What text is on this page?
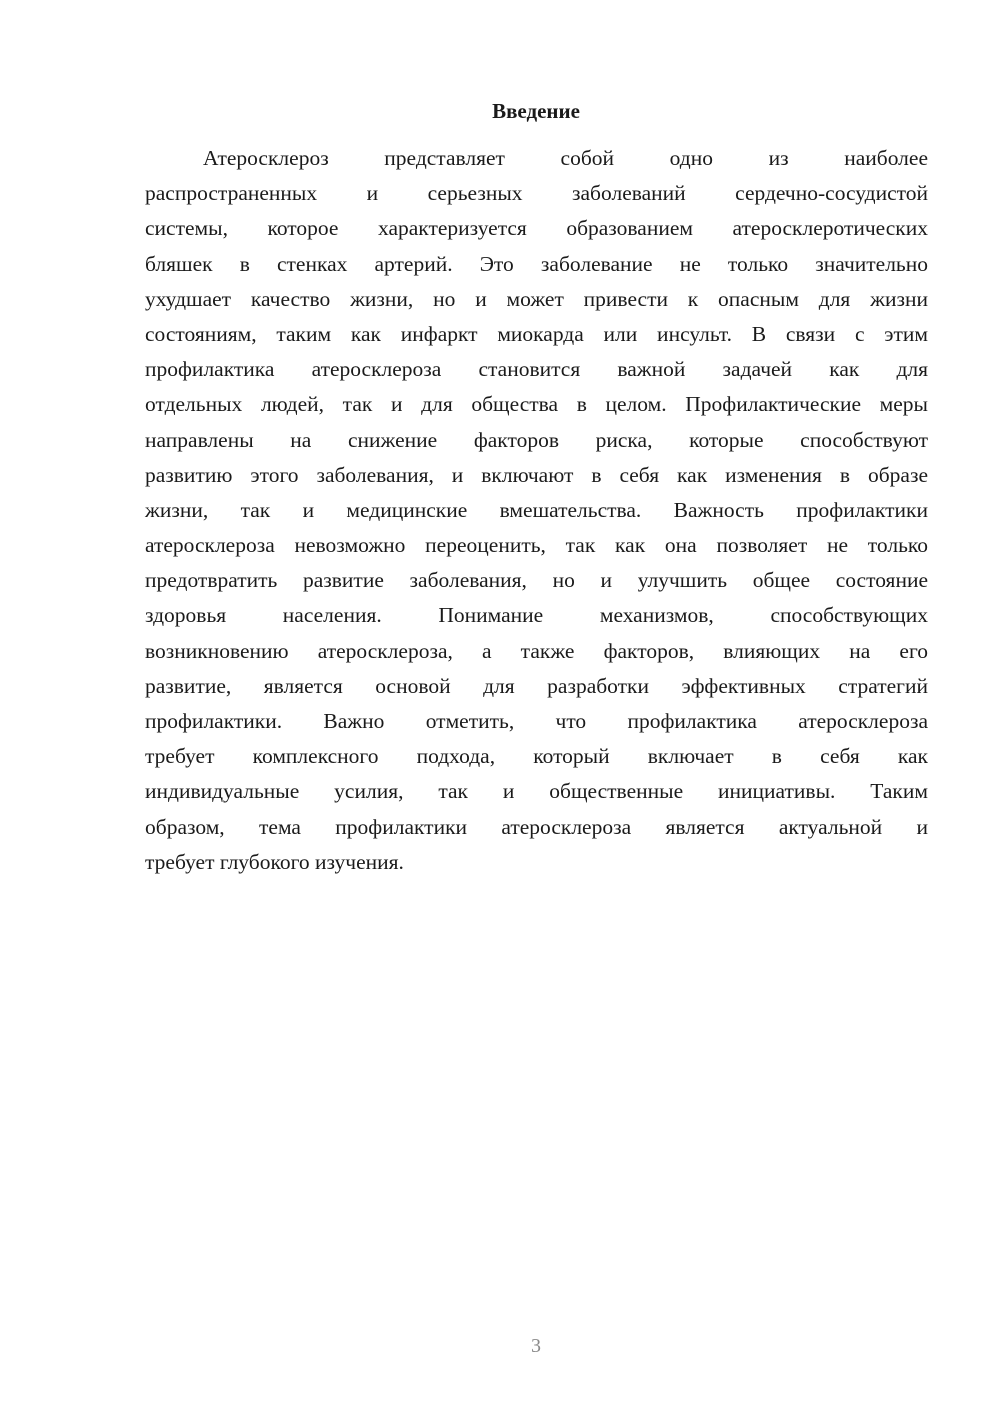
Введение
Атеросклероз представляет собой одно из наиболее
распространенных и серьезных заболеваний сердечно-сосудистой
системы, которое характеризуется образованием атеросклеротических
бляшек в стенках артерий. Это заболевание не только значительно
ухудшает качество жизни, но и может привести к опасным для жизни
состояниям, таким как инфаркт миокарда или инсульт. В связи с этим
профилактика атеросклероза становится важной задачей как для
отдельных людей, так и для общества в целом. Профилактические меры
направлены на снижение факторов риска, которые способствуют
развитию этого заболевания, и включают в себя как изменения в образе
жизни, так и медицинские вмешательства. Важность профилактики
атеросклероза невозможно переоценить, так как она позволяет не только
предотвратить развитие заболевания, но и улучшить общее состояние
здоровья населения. Понимание механизмов, способствующих
возникновению атеросклероза, а также факторов, влияющих на его
развитие, является основой для разработки эффективных стратегий
профилактики. Важно отметить, что профилактика атеросклероза
требует комплексного подхода, который включает в себя как
индивидуальные усилия, так и общественные инициативы. Таким
образом, тема профилактики атеросклероза является актуальной и
требует глубокого изучения.
3
